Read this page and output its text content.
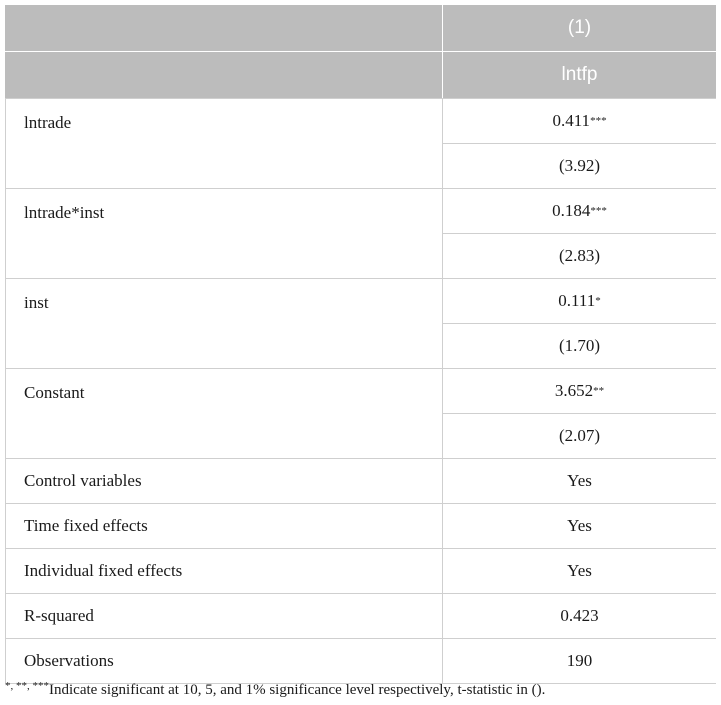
(1)
lntfp
lntrade	0.411 ***
(3.92)
lntrade*inst	0.184 ***
(2.83)
inst	0.111 *
(1.70)
Constant	3.652 **
(2.07)
Control variables	Yes
Time fixed effects	Yes
Individual fixed effects	Yes
R-squared	0.423
Observations	190
*, **, ***Indicate significant at 10, 5, and 1% significance level respectively, t-statistic in ().
